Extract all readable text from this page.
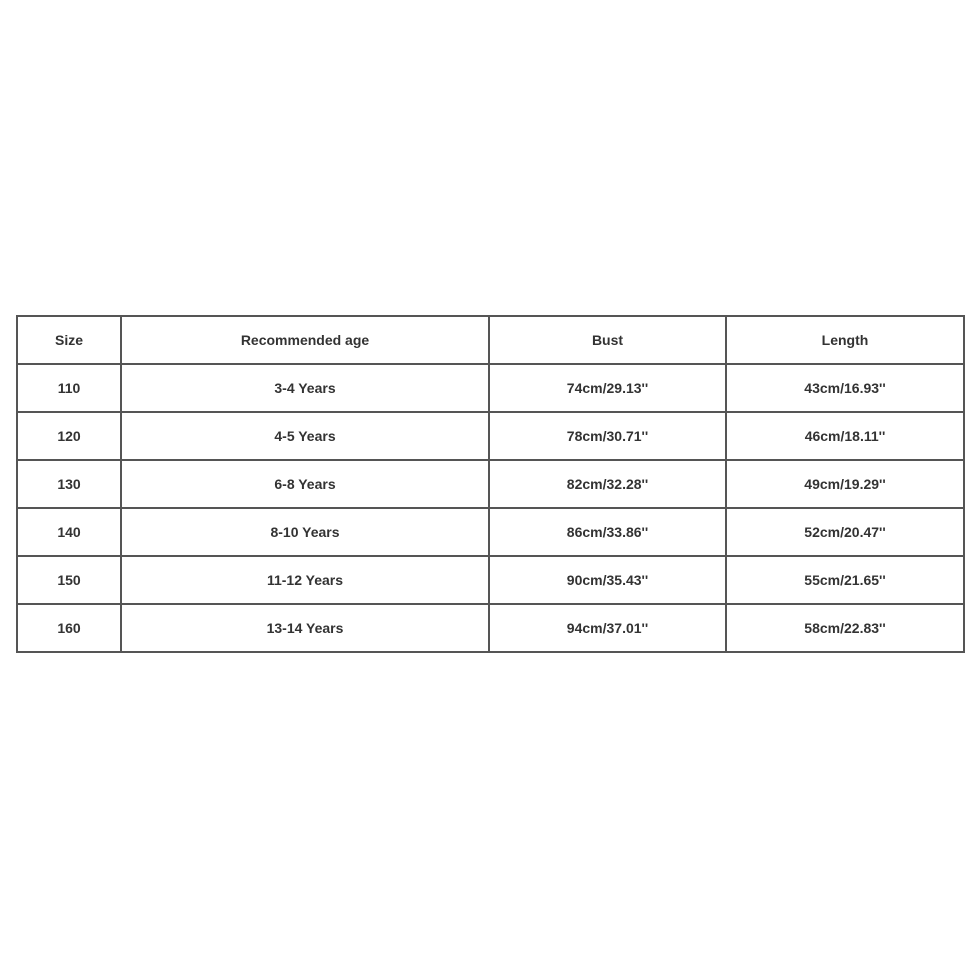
Size	Recommended age	Bust	Length
110	3-4 Years	74cm/29.13''	43cm/16.93''
120	4-5 Years	78cm/30.71''	46cm/18.11''
130	6-8 Years	82cm/32.28''	49cm/19.29''
140	8-10 Years	86cm/33.86''	52cm/20.47''
150	11-12 Years	90cm/35.43''	55cm/21.65''
160	13-14 Years	94cm/37.01''	58cm/22.83''
